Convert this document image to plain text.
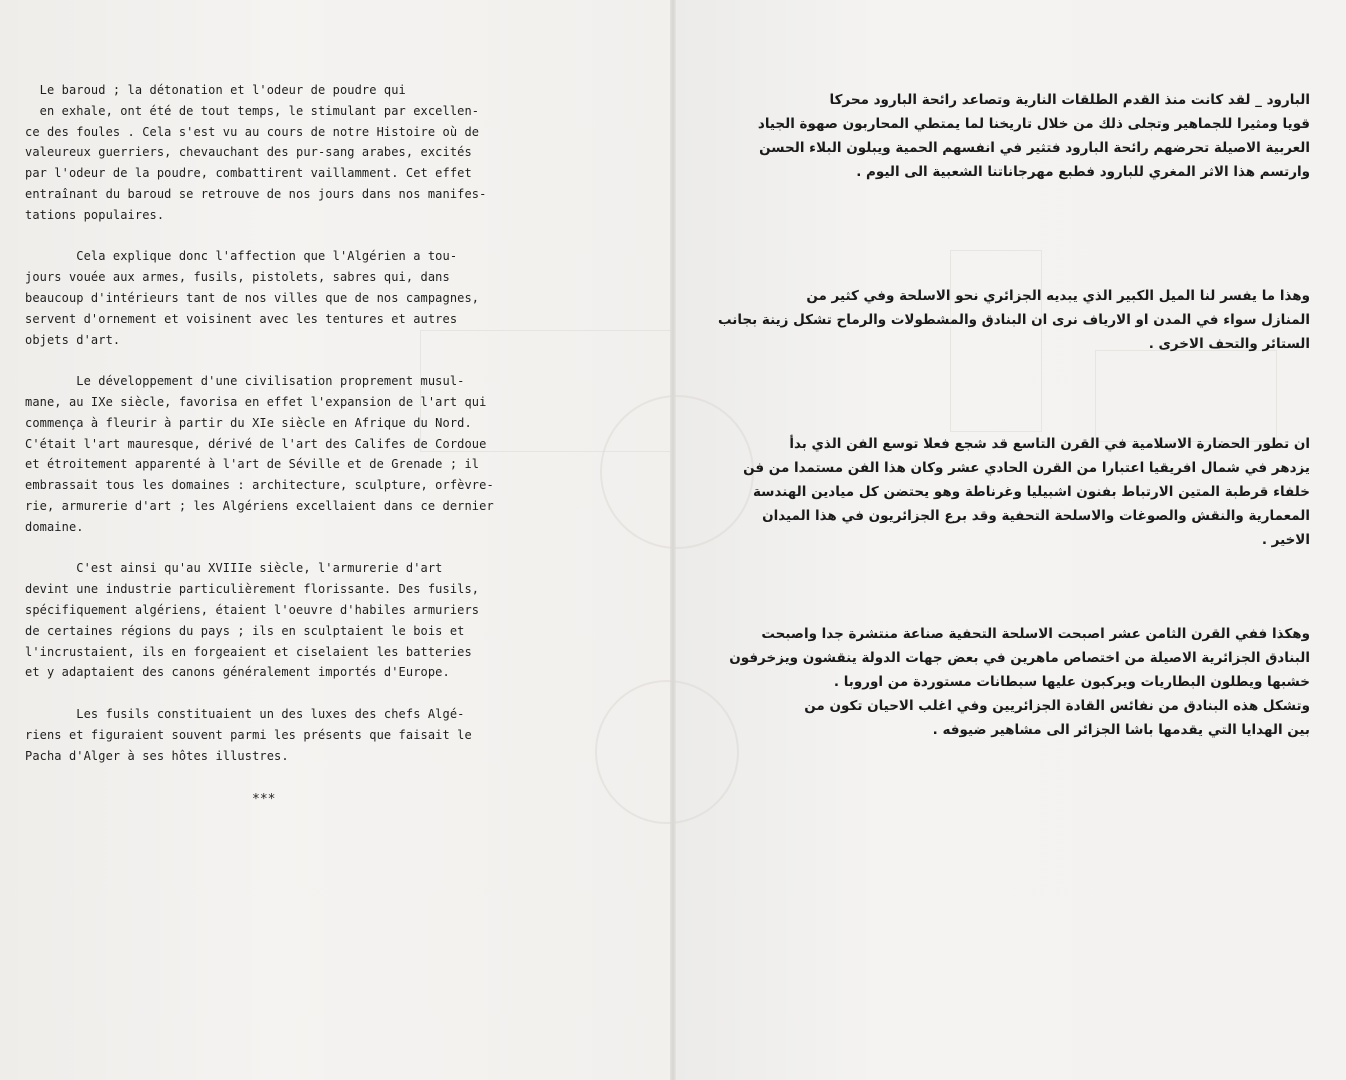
Le baroud ; la détonation et l'odeur de poudre qui
en exhale, ont été de tout temps, le stimulant par excellen-
ce des foules . Cela s'est vu au cours de notre Histoire où de
valeureux guerriers, chevauchant des pur-sang arabes, excités
par l'odeur de la poudre, combattirent vaillamment. Cet effet
entraînant du baroud se retrouve de nos jours dans nos manifes-
tations populaires.

Cela explique donc l'affection que l'Algérien a tou-
jours vouée aux armes, fusils, pistolets, sabres qui, dans
beaucoup d'intérieurs tant de nos villes que de nos campagnes,
servent d'ornement et voisinent avec les tentures et autres
objets d'art.

Le développement d'une civilisation proprement musul-
mane, au IXe siècle, favorisa en effet l'expansion de l'art qui
commença à fleurir à partir du XIe siècle en Afrique du Nord.
C'était l'art mauresque, dérivé de l'art des Califes de Cordoue
et étroitement apparenté à l'art de Séville et de Grenade ; il
embrassait tous les domaines : architecture, sculpture, orfèvre-
rie, armurerie d'art ; les Algériens excellaient dans ce dernier
domaine.

C'est ainsi qu'au XVIIIe siècle, l'armurerie d'art
devint une industrie particulièrement florissante. Des fusils,
spécifiquement algériens, étaient l'oeuvre d'habiles armuriers
de certaines régions du pays ; ils en sculptaient le bois et
l'incrustaient, ils en forgeaient et ciselaient les batteries
et y adaptaient des canons généralement importés d'Europe.

Les fusils constituaient un des luxes des chefs Algé-
riens et figuraient souvent parmi les présents que faisait le
Pacha d'Alger à ses hôtes illustres.

***
البارود _ لقد كانت منذ القدم الطلقات النارية وتصاعد رائحة البارود محركا
قويا ومثيرا للجماهير وتجلى ذلك من خلال تاريخنا لما يمتطي المحاربون صهوة الجياد
العربية الاصيلة تحرضهم رائحة البارود فتثير في انفسهم الحمية ويبلون البلاء الحسن
وارتسم هذا الاثر المغري للبارود فطبع مهرجاناتنا الشعبية الى اليوم .
وهذا ما يفسر لنا الميل الكبير الذي يبديه الجزائري نحو الاسلحة وفي كثير من
المنازل سواء في المدن او الارياف نرى ان البنادق والمشطولات والرماح تشكل زينة بجانب
الستائر والتحف الاخرى .
ان تطور الحضارة الاسلامية في القرن التاسع قد شجع فعلا توسع الفن الذي بدأ
يزدهر في شمال افريقيا اعتبارا من القرن الحادي عشر وكان هذا الفن مستمدا من فن
خلفاء قرطبة المتين الارتباط بفنون اشبيليا وغرناطة وهو يحتضن كل ميادين الهندسة
المعمارية والنقش والصوغات والاسلحة التحفية وقد برع الجزائريون في هذا الميدان
الاخير .
وهكذا ففي القرن الثامن عشر اصبحت الاسلحة التحفية صناعة منتشرة جدا واصبحت
البنادق الجزائرية الاصيلة من اختصاص ماهرين في بعض جهات الدولة ينقشون ويزخرفون
خشبها ويطلون البطاريات ويركبون عليها سبطانات مستوردة من اوروبا .
وتشكل هذه البنادق من نفائس القادة الجزائريين وفي اغلب الاحيان تكون من
بين الهدايا التي يقدمها باشا الجزائر الى مشاهير ضيوفه .
